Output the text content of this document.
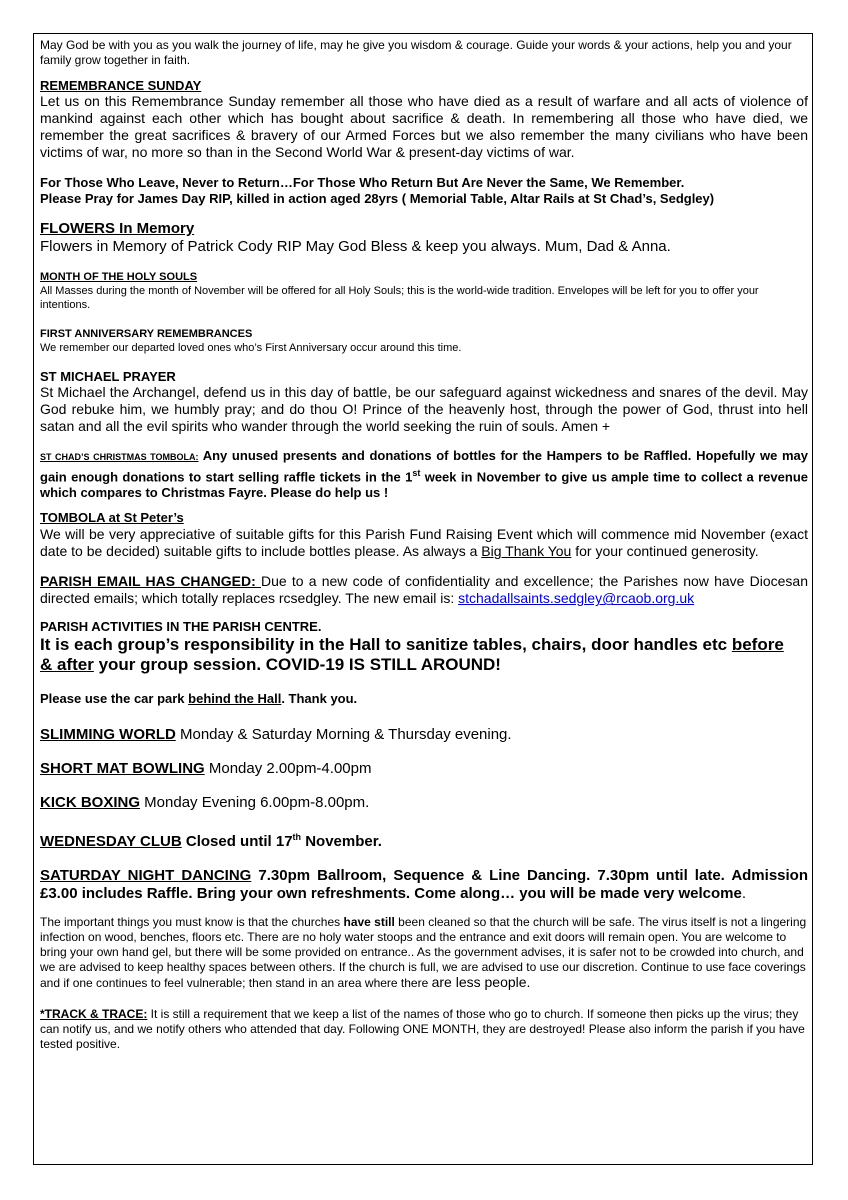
May God be with you as you walk the journey of life, may he give you wisdom & courage. Guide your words & your actions, help you and your family grow together in faith.

REMEMBRANCE SUNDAY

Let us on this Remembrance Sunday remember all those who have died as a result of warfare and all acts of violence of mankind against each other which has bought about sacrifice & death. In remembering all those who have died, we remember the great sacrifices & bravery of our Armed Forces but we also remember the many civilians who have been victims of war, no more so than in the Second World War & present-day victims of war.

For Those Who Leave, Never to Return…For Those Who Return But Are Never the Same, We Remember.

Please Pray for James Day RIP, killed in action aged 28yrs ( Memorial Table, Altar Rails at St Chad’s, Sedgley)

FLOWERS In Memory

Flowers in Memory of Patrick Cody RIP May God Bless & keep you always. Mum, Dad & Anna.

MONTH OF THE HOLY SOULS

All Masses during the month of November will be offered for all Holy Souls; this is the world-wide tradition. Envelopes will be left for you to offer your intentions.

FIRST ANNIVERSARY REMEMBRANCES

We remember our departed loved ones who’s First Anniversary occur around this time.

ST MICHAEL PRAYER

St Michael the Archangel, defend us in this day of battle, be our safeguard against wickedness and snares of the devil. May God rebuke him, we humbly pray; and do thou O! Prince of the heavenly host, through the power of God, thrust into hell satan and all the evil spirits who wander through the world seeking the ruin of souls. Amen +

ST CHAD’S CHRISTMAS TOMBOLA: Any unused presents and donations of bottles for the Hampers to be Raffled. Hopefully we may gain enough donations to start selling raffle tickets in the 1st week in November to give us ample time to collect a revenue which compares to Christmas Fayre. Please do help us !

TOMBOLA at St Peter’s

We will be very appreciative of suitable gifts for this Parish Fund Raising Event which will commence mid November (exact date to be decided) suitable gifts to include bottles please. As always a Big Thank You for your continued generosity.

PARISH EMAIL HAS CHANGED: Due to a new code of confidentiality and excellence; the Parishes now have Diocesan directed emails; which totally replaces rcsedgley. The new email is: stchadallsaints.sedgley@rcaob.org.uk

PARISH ACTIVITIES IN THE PARISH CENTRE.

It is each group’s responsibility in the Hall to sanitize tables, chairs, door handles etc before
& after your group session. COVID-19 IS STILL AROUND!

Please use the car park behind the Hall. Thank you.

SLIMMING WORLD Monday & Saturday Morning & Thursday evening.

SHORT MAT BOWLING Monday 2.00pm-4.00pm

KICK BOXING Monday Evening 6.00pm-8.00pm.

WEDNESDAY CLUB Closed until 17th November.

SATURDAY NIGHT DANCING 7.30pm Ballroom, Sequence & Line Dancing. 7.30pm until late. Admission £3.00 includes Raffle. Bring your own refreshments. Come along… you will be made very welcome.

The important things you must know is that the churches have still been cleaned so that the church will be safe. The virus itself is not a lingering infection on wood, benches, floors etc. There are no holy water stoops and the entrance and exit doors will remain open. You are welcome to bring your own hand gel, but there will be some provided on entrance.. As the government advises, it is safer not to be crowded into church, and we are advised to keep healthy spaces between others. If the church is full, we are advised to use our discretion. Continue to use face coverings and if one continues to feel vulnerable; then stand in an area where there are less people.

*TRACK & TRACE: It is still a requirement that we keep a list of the names of those who go to church. If someone then picks up the virus; they can notify us, and we notify others who attended that day. Following ONE MONTH, they are destroyed! Please also inform the parish if you have tested positive.
